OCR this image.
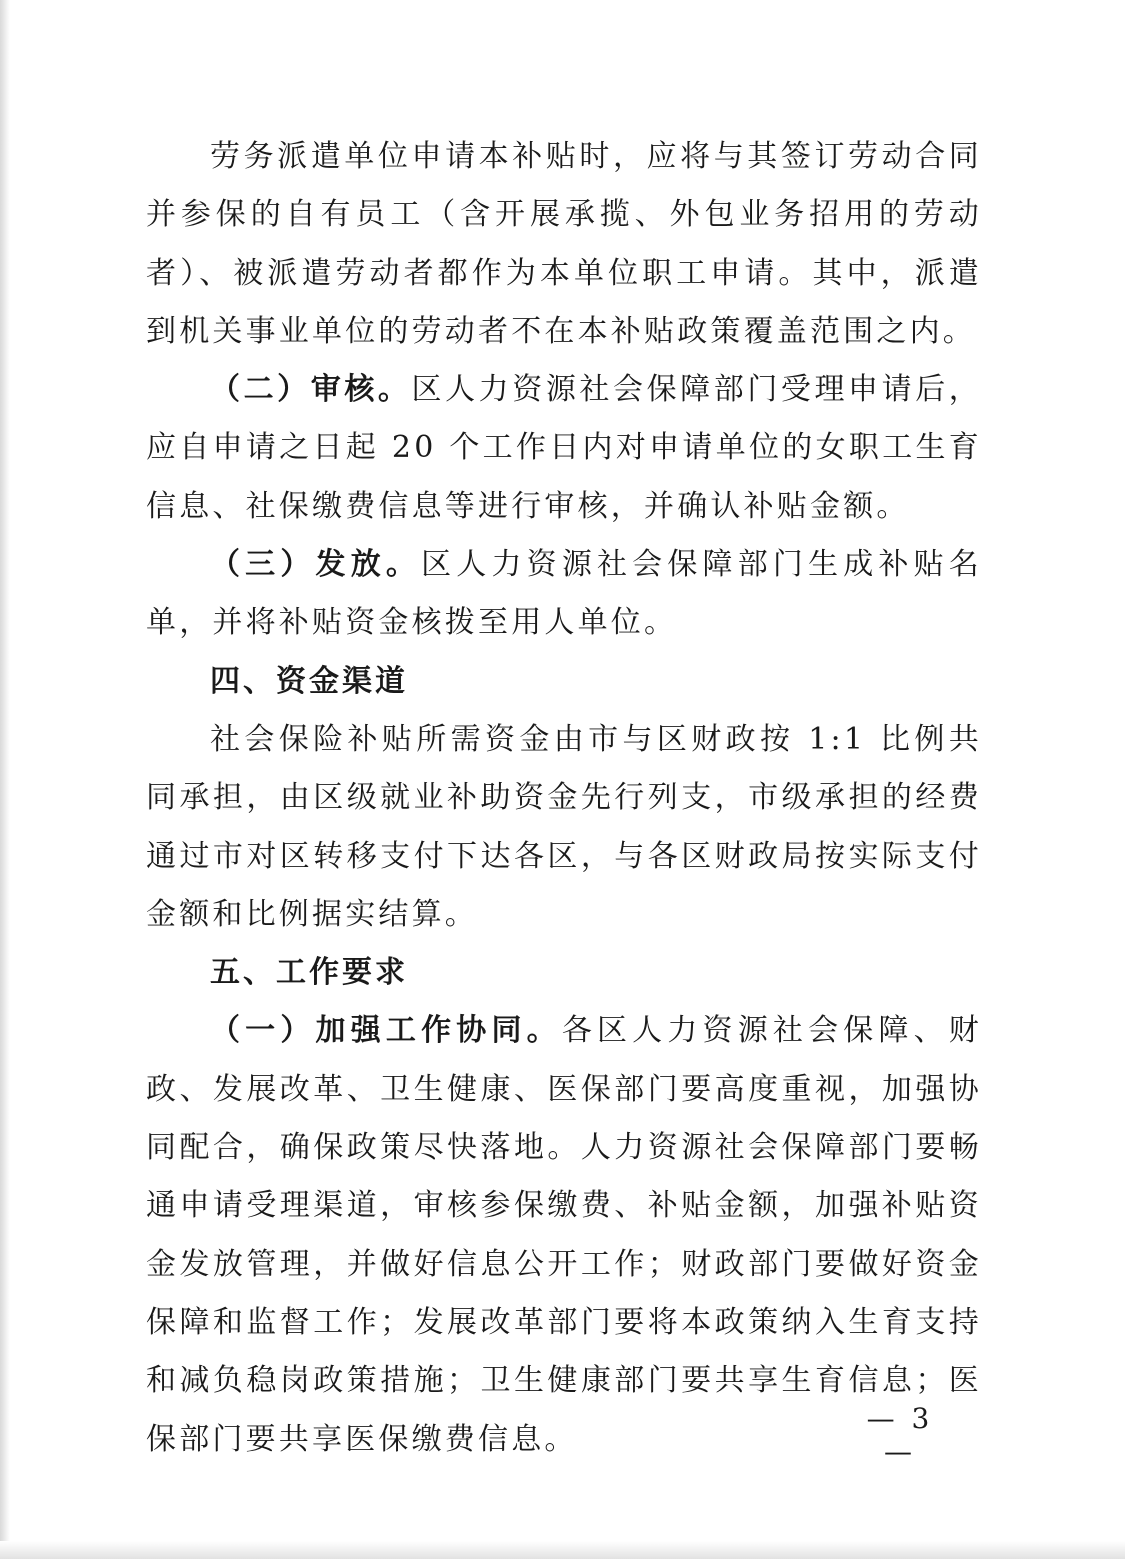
劳务派遣单位申请本补贴时，应将与其签订劳动合同并参保的自有员工（含开展承揽、外包业务招用的劳动者）、被派遣劳动者都作为本单位职工申请。其中，派遣到机关事业单位的劳动者不在本补贴政策覆盖范围之内。

（二）审核。区人力资源社会保障部门受理申请后，应自申请之日起 20 个工作日内对申请单位的女职工生育信息、社保缴费信息等进行审核，并确认补贴金额。

（三）发放。区人力资源社会保障部门生成补贴名单，并将补贴资金核拨至用人单位。

四、资金渠道

社会保险补贴所需资金由市与区财政按 1:1 比例共同承担，由区级就业补助资金先行列支，市级承担的经费通过市对区转移支付下达各区，与各区财政局按实际支付金额和比例据实结算。

五、工作要求

（一）加强工作协同。各区人力资源社会保障、财政、发展改革、卫生健康、医保部门要高度重视，加强协同配合，确保政策尽快落地。人力资源社会保障部门要畅通申请受理渠道，审核参保缴费、补贴金额，加强补贴资金发放管理，并做好信息公开工作；财政部门要做好资金保障和监督工作；发展改革部门要将本政策纳入生育支持和减负稳岗政策措施；卫生健康部门要共享生育信息；医保部门要共享医保缴费信息。

— 3 —
